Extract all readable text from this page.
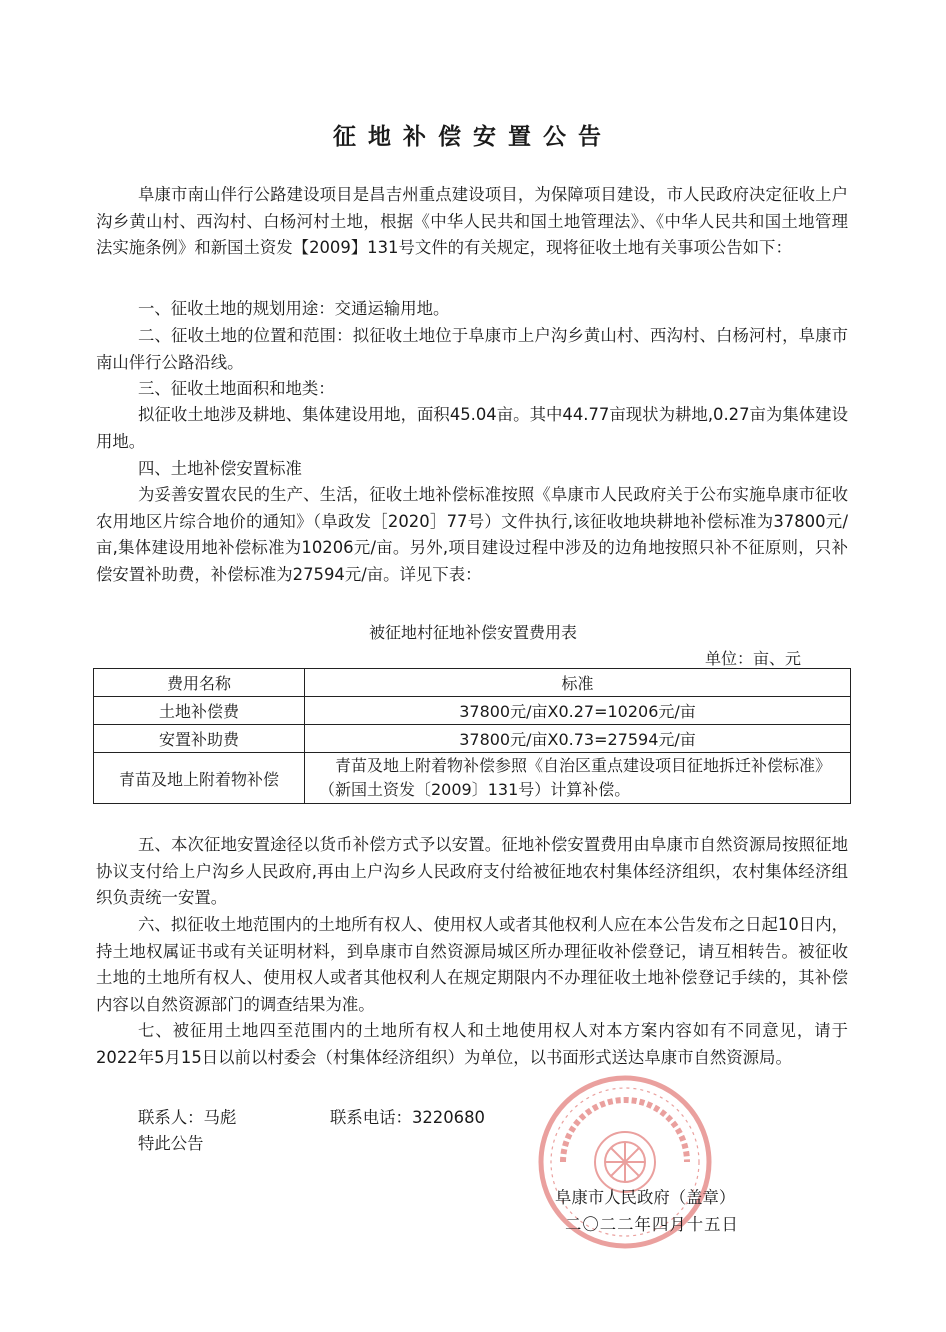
征地补偿安置公告
阜康市南山伴行公路建设项目是昌吉州重点建设项目，为保障项目建设，市人民政府决定征收上户沟乡黄山村、西沟村、白杨河村土地，根据《中华人民共和国土地管理法》、《中华人民共和国土地管理法实施条例》和新国土资发【2009】131号文件的有关规定，现将征收土地有关事项公告如下：
一、征收土地的规划用途：交通运输用地。
二、征收土地的位置和范围：拟征收土地位于阜康市上户沟乡黄山村、西沟村、白杨河村，阜康市南山伴行公路沿线。
三、征收土地面积和地类：
拟征收土地涉及耕地、集体建设用地，面积45.04亩。其中44.77亩现状为耕地,0.27亩为集体建设用地。
四、土地补偿安置标准
为妥善安置农民的生产、生活，征收土地补偿标准按照《阜康市人民政府关于公布实施阜康市征收农用地区片综合地价的通知》（阜政发［2020］77号）文件执行,该征收地块耕地补偿标准为37800元/亩,集体建设用地补偿标准为10206元/亩。另外,项目建设过程中涉及的边角地按照只补不征原则，只补偿安置补助费，补偿标准为27594元/亩。详见下表：
被征地村征地补偿安置费用表
单位：亩、元
费用名称	标准
土地补偿费	37800元/亩X0.27=10206元/亩
安置补助费	37800元/亩X0.73=27594元/亩
青苗及地上附着物补偿	青苗及地上附着物补偿参照《自治区重点建设项目征地拆迁补偿标准》（新国土资发〔2009〕131号）计算补偿。
五、本次征地安置途径以货币补偿方式予以安置。征地补偿安置费用由阜康市自然资源局按照征地协议支付给上户沟乡人民政府,再由上户沟乡人民政府支付给被征地农村集体经济组织，农村集体经济组织负责统一安置。
六、拟征收土地范围内的土地所有权人、使用权人或者其他权利人应在本公告发布之日起10日内，持土地权属证书或有关证明材料，到阜康市自然资源局城区所办理征收补偿登记，请互相转告。被征收土地的土地所有权人、使用权人或者其他权利人在规定期限内不办理征收土地补偿登记手续的，其补偿内容以自然资源部门的调查结果为准。
七、被征用土地四至范围内的土地所有权人和土地使用权人对本方案内容如有不同意见，请于2022年5月15日以前以村委会（村集体经济组织）为单位，以书面形式送达阜康市自然资源局。
联系人：马彪	联系电话：3220680
特此公告
阜康市人民政府（盖章）
二〇二二年四月十五日
